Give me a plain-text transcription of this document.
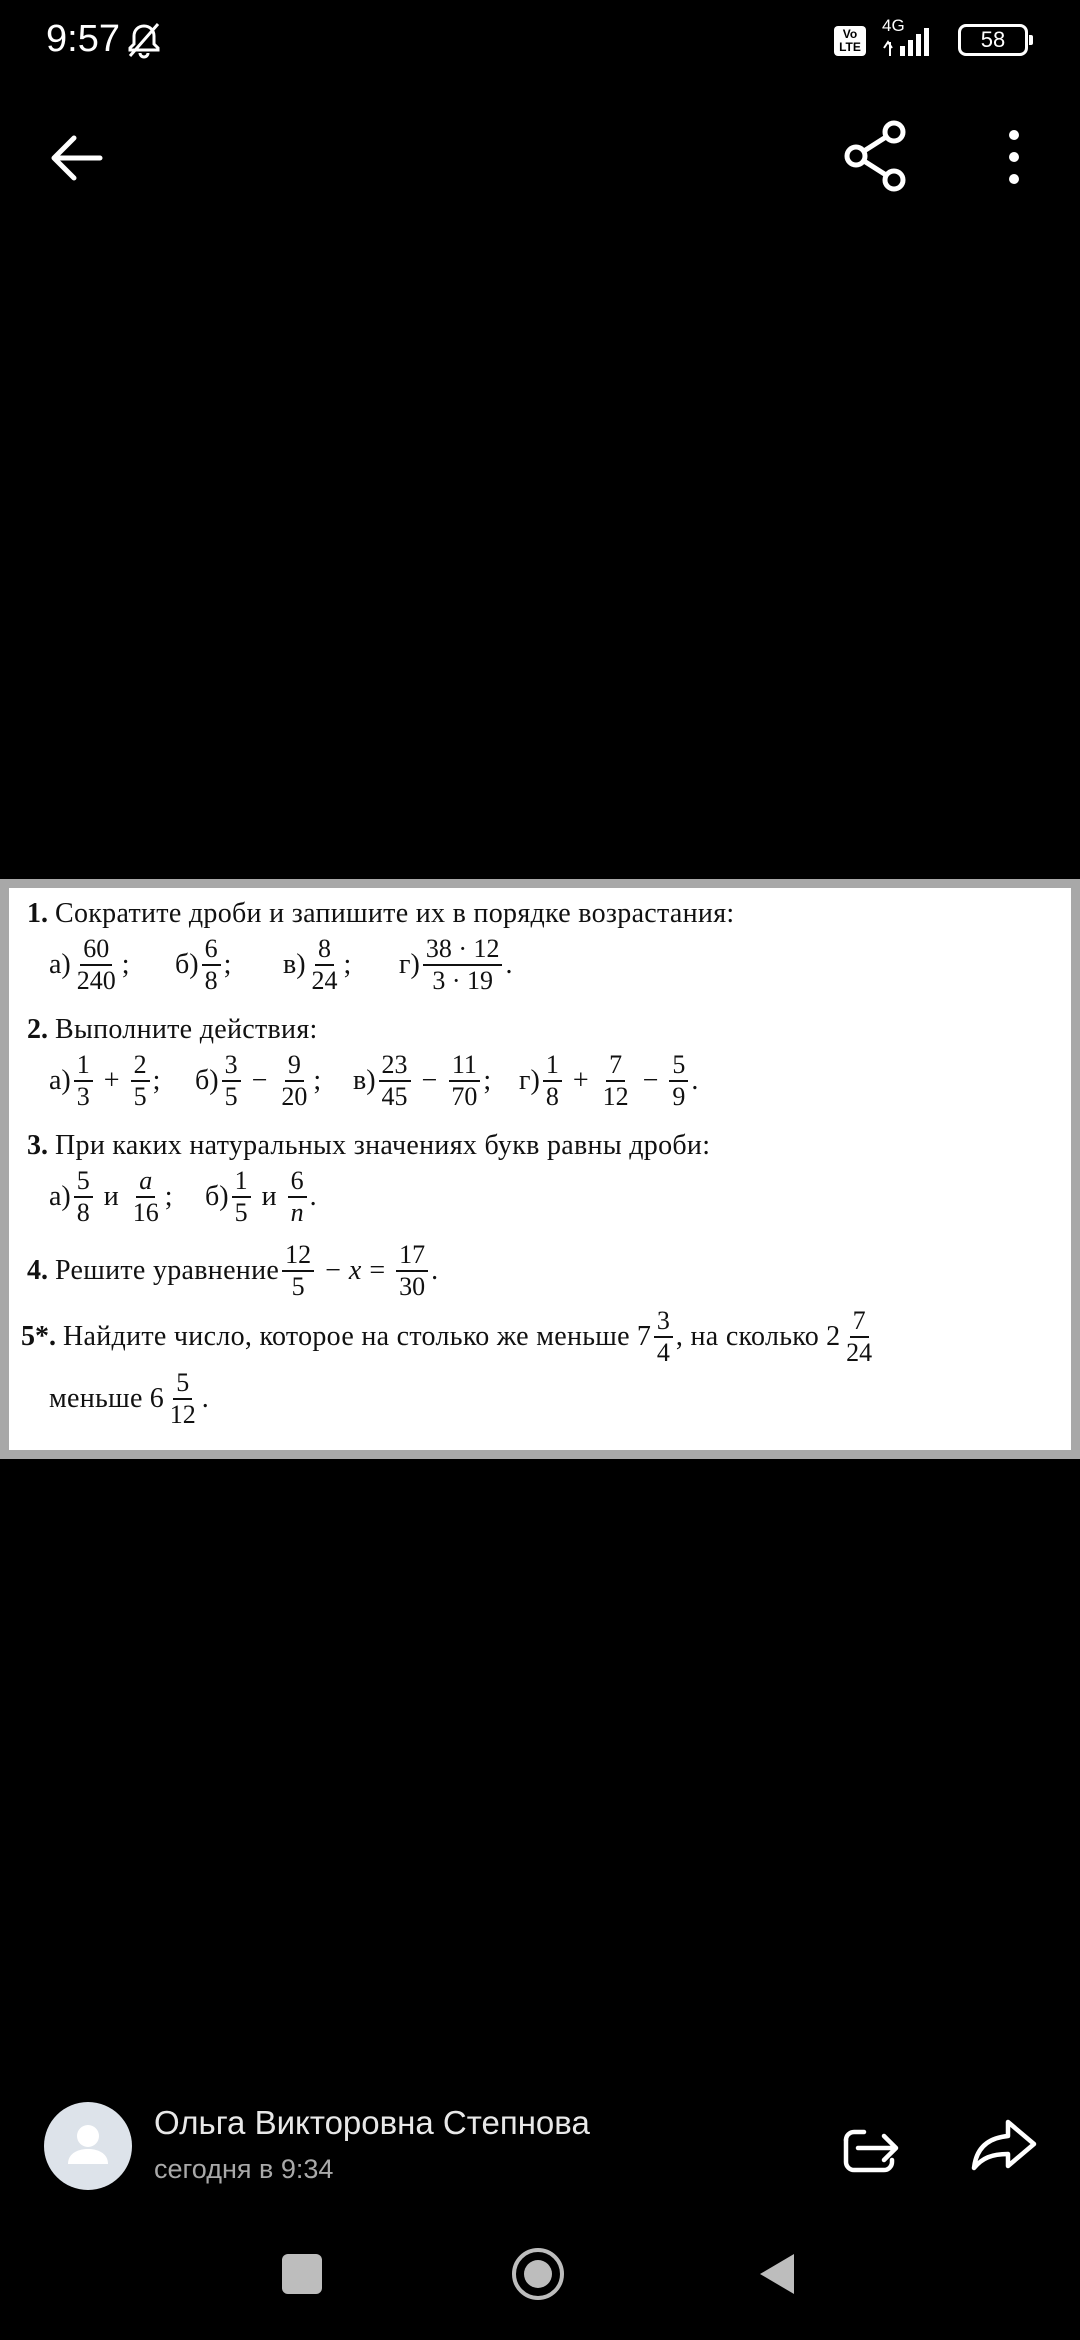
9:57	Vo LTE
4G
58
1. Сократите дроби и запишите их в порядке возрастания:
$а) \frac{60}{240}$ ; $б) \frac{6}{8}$ ; $в) \frac{8}{24}$ ; $г) \frac{38 \cdot 12}{3 \cdot 19}$ .
2. Выполните действия:
$а) \frac{1}{3} + \frac{2}{5}$ ; $б) \frac{3}{5} - \frac{9}{20}$ ; $в) \frac{23}{45} - \frac{11}{70}$ ; $г) \frac{1}{8} + \frac{7}{12} - \frac{5}{9}$ .
3. При каких натуральных значениях букв равны дроби:
$а) \frac{5}{8}$ и $\frac{a}{16}$ ; $б) \frac{1}{5}$ и $\frac{6}{n}$ .
4.
Решите уравнение $\frac{12}{5} - x = \frac{17}{30}$ .
5*.
Найдите число, которое на столько же меньше
$7 \frac{3}{4}$ , на сколько
$2 \frac{7}{24}$
меньше
$6 \frac{5}{12}$ .
Ольга Викторовна Степнова
сегодня в 9:34
